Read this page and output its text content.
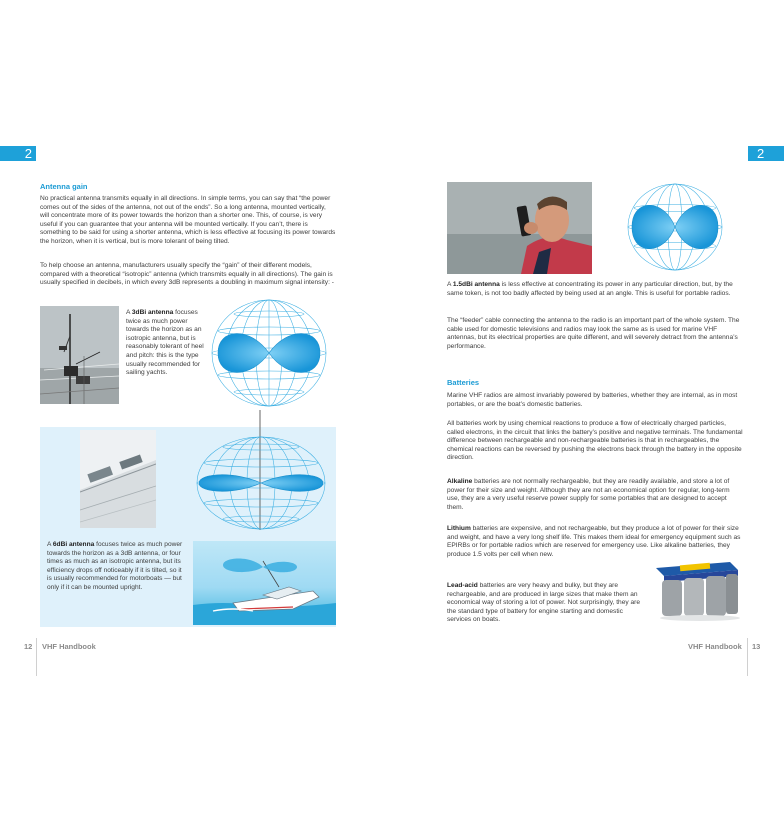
2
Antenna gain

No practical antenna transmits equally in all directions. In simple terms, you can say that “the power comes out of the sides of the antenna, not out of the ends”. So a long antenna, mounted vertically, will concentrate more of its power towards the horizon than a shorter one. This, of course, is very useful if you can guarantee that your antenna will be mounted vertically. If you can’t, there is something to be said for using a shorter antenna, which is less effective at focusing its power towards the horizon, when it is vertical, but is more tolerant of being tilted.

To help choose an antenna, manufacturers usually specify the “gain” of their different models, compared with a theoretical “isotropic” antenna (which transmits equally in all directions). The gain is usually specified in decibels, in which every 3dB represents a doubling in maximum signal intensity: -

A 3dBi antenna focuses twice as much power towards the horizon as an isotropic antenna, but is reasonably tolerant of heel and pitch: this is the type usually recommended for sailing yachts.

A 6dBi antenna focuses twice as much power towards the horizon as a 3dB antenna, or four times as much as an isotropic antenna, but its efficiency drops off noticeably if it is tilted, so it is usually recommended for motorboats — but only if it can be mounted upright.

12 VHF Handbook
2

A 1.5dBi antenna is less effective at concentrating its power in any particular direction, but, by the same token, is not too badly affected by being used at an angle. This is useful for portable radios.

The “feeder” cable connecting the antenna to the radio is an important part of the whole system. The cable used for domestic televisions and radios may look the same as is used for marine VHF antennas, but its electrical properties are quite different, and will severely detract from the antenna’s performance.

Batteries

Marine VHF radios are almost invariably powered by batteries, whether they are internal, as in most portables, or are the boat’s domestic batteries.

All batteries work by using chemical reactions to produce a flow of electrically charged particles, called electrons, in the circuit that links the battery’s positive and negative terminals. The fundamental difference between rechargeable and non-rechargeable batteries is that in rechargeables, the chemical reactions can be reversed by pushing the electrons back through the battery in the opposite direction.

Alkaline batteries are not normally rechargeable, but they are readily available, and store a lot of power for their size and weight. Although they are not an economical option for regular, long-term use, they are a very useful reserve power supply for some portables that are designed to accept them.

Lithium batteries are expensive, and not rechargeable, but they produce a lot of power for their size and weight, and have a very long shelf life. This makes them ideal for emergency equipment such as EPIRBs or for portable radios which are reserved for emergency use. Like alkaline batteries, they produce 1.5 volts per cell when new.

Lead-acid batteries are very heavy and bulky, but they are rechargeable, and are produced in large sizes that make them an economical way of storing a lot of power. Not surprisingly, they are the standard type of battery for engine starting and domestic services on boats.

VHF Handbook 13
